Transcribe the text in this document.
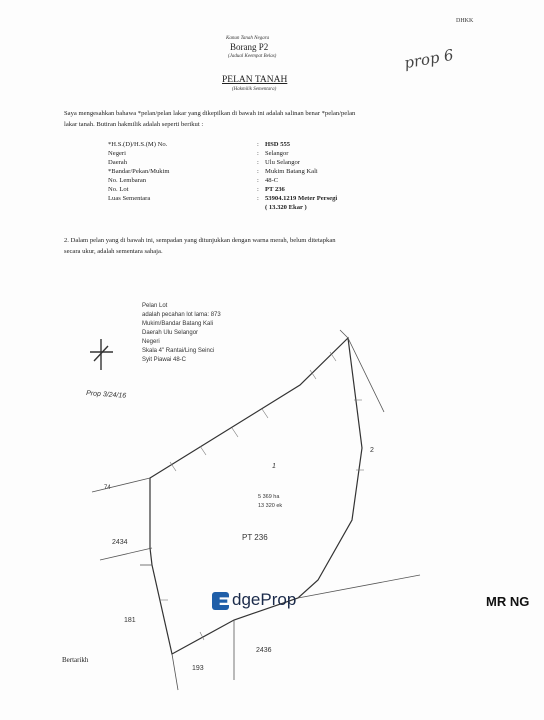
DHKK
Kanun Tanah Negara
Borang P2
(Jadual Keempat Belas)	prop 6
PELAN TANAH
(Hakmilik Sementara)
Saya mengesahkan bahawa *pelan/pelan lakar yang dikepilkan di bawah ini adalah salinan benar *pelan/pelan
lakar tanah. Butiran hakmilik adalah seperti berikut :
*H.S.(D)/H.S.(M) No.	: HSD 555
Negeri	: Selangor
Daerah	: Ulu Selangor
*Bandar/Pekan/Mukim	: Mukim Batang Kali
No. Lembaran	: 48-C
No. Lot	: PT 236
Luas Sementara	: 53904.1219 Meter Persegi
( 13.320 Ekar )
2. Dalam pelan yang di bawah ini, sempadan yang ditunjukkan dengan warna merah, belum ditetapkan
secara ukur, adalah sementara sahaja.
Pelan Lot
adalah pecahan lot lama: 873
Mukim/Bandar Batang Kali
Daerah Ulu Selangor
Negeri
Skala 4" Rantai/Ling Seinci
Syit Piawai 48-C
1
5 369 ha
13 320 ek
PT 236
74
2434
181
193
2436
2
Prop 3/24/16
dgeProp	MR NG
Bertarikh
